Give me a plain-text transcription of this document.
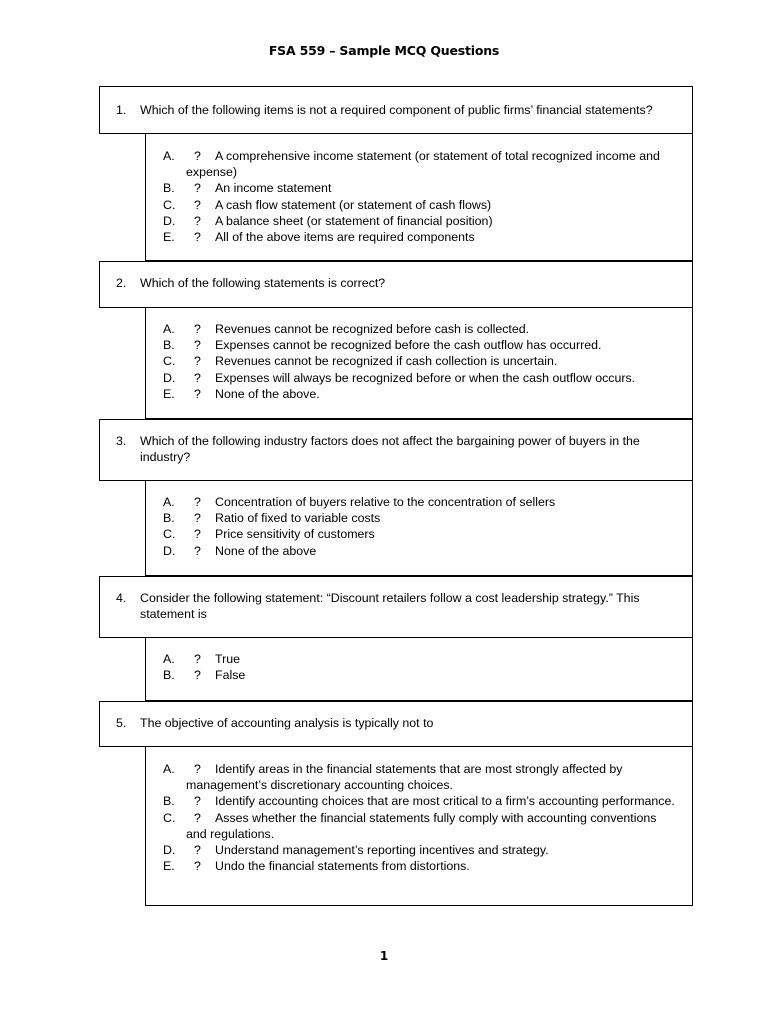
FSA 559 – Sample MCQ Questions
1. Which of the following items is not a required component of public firms’ financial statements?
A. ?	A comprehensive income statement (or statement of total recognized income and expense)
B. ? An income statement
C. ? A cash flow statement (or statement of cash flows)
D. ? A balance sheet (or statement of financial position)
E. ? All of the above items are required components
2. Which of the following statements is correct?
A. ? Revenues cannot be recognized before cash is collected.
B. ? Expenses cannot be recognized before the cash outflow has occurred.
C. ? Revenues cannot be recognized if cash collection is uncertain.
D. ? Expenses will always be recognized before or when the cash outflow occurs.
E. ? None of the above.
3. Which of the following industry factors does not affect the bargaining power of buyers in the industry?
A. ? Concentration of buyers relative to the concentration of sellers
B. ? Ratio of fixed to variable costs
C. ? Price sensitivity of customers
D. ? None of the above
4. Consider the following statement: “Discount retailers follow a cost leadership strategy.” This statement is
A. ? True
B. ? False
5. The objective of accounting analysis is typically not to
A. ?	Identify areas in the financial statements that are most strongly affected by management’s discretionary accounting choices.
B. ?	Identify accounting choices that are most critical to a firm’s accounting performance.
C. ?	Asses whether the financial statements fully comply with accounting conventions and regulations.
D. ? Understand management’s reporting incentives and strategy.
E. ? Undo the financial statements from distortions.
1
